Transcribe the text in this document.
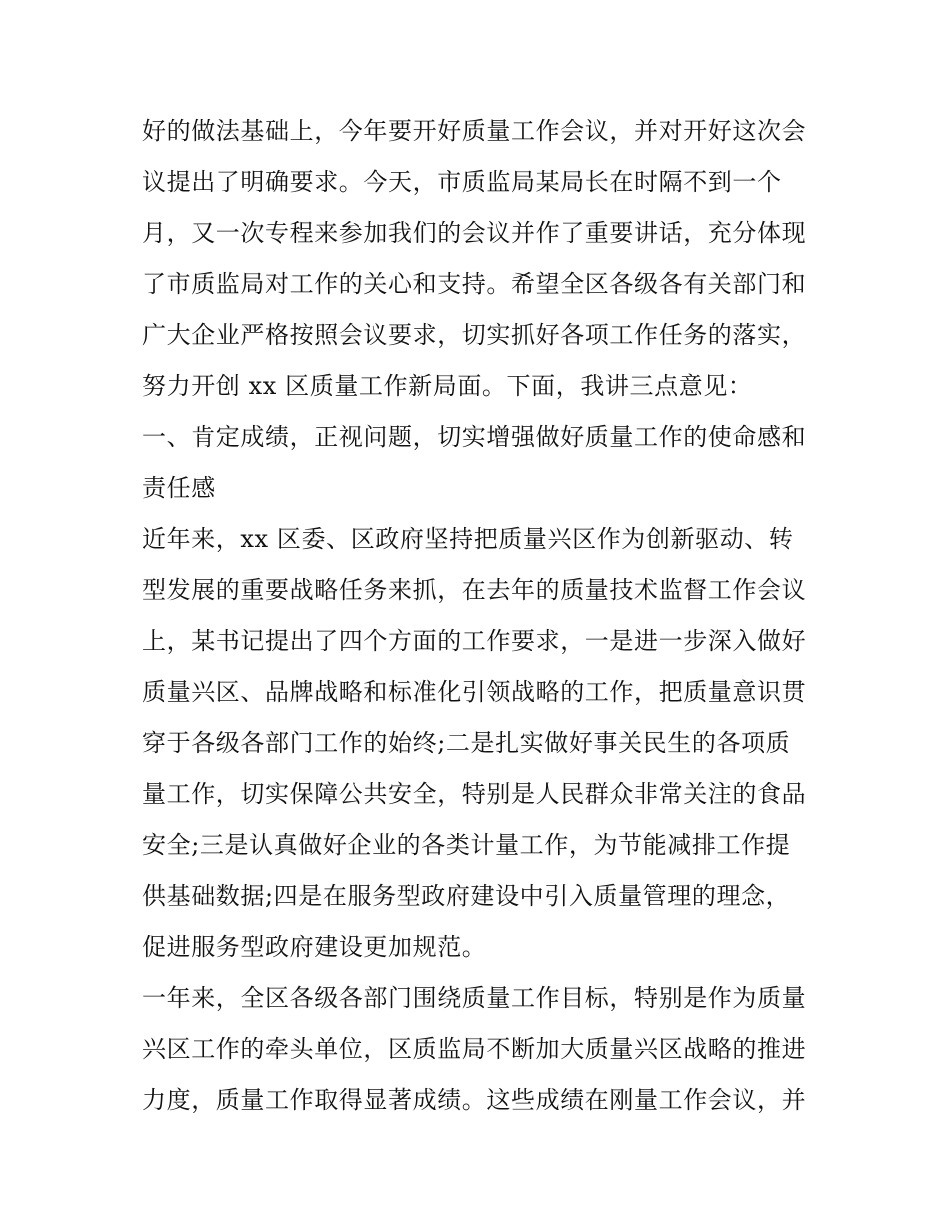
好的做法基础上，今年要开好质量工作会议，并对开好这次会
议提出了明确要求。今天，市质监局某局长在时隔不到一个
月，又一次专程来参加我们的会议并作了重要讲话，充分体现
了市质监局对工作的关心和支持。希望全区各级各有关部门和
广大企业严格按照会议要求，切实抓好各项工作任务的落实，
努力开创 xx 区质量工作新局面。下面，我讲三点意见：
一、肯定成绩，正视问题，切实增强做好质量工作的使命感和
责任感
近年来，xx 区委、区政府坚持把质量兴区作为创新驱动、转
型发展的重要战略任务来抓，在去年的质量技术监督工作会议
上，某书记提出了四个方面的工作要求，一是进一步深入做好
质量兴区、品牌战略和标准化引领战略的工作，把质量意识贯
穿于各级各部门工作的始终;二是扎实做好事关民生的各项质
量工作，切实保障公共安全，特别是人民群众非常关注的食品
安全;三是认真做好企业的各类计量工作，为节能减排工作提
供基础数据;四是在服务型政府建设中引入质量管理的理念，
促进服务型政府建设更加规范。
一年来，全区各级各部门围绕质量工作目标，特别是作为质量
兴区工作的牵头单位，区质监局不断加大质量兴区战略的推进
力度，质量工作取得显著成绩。这些成绩在刚量工作会议，并
